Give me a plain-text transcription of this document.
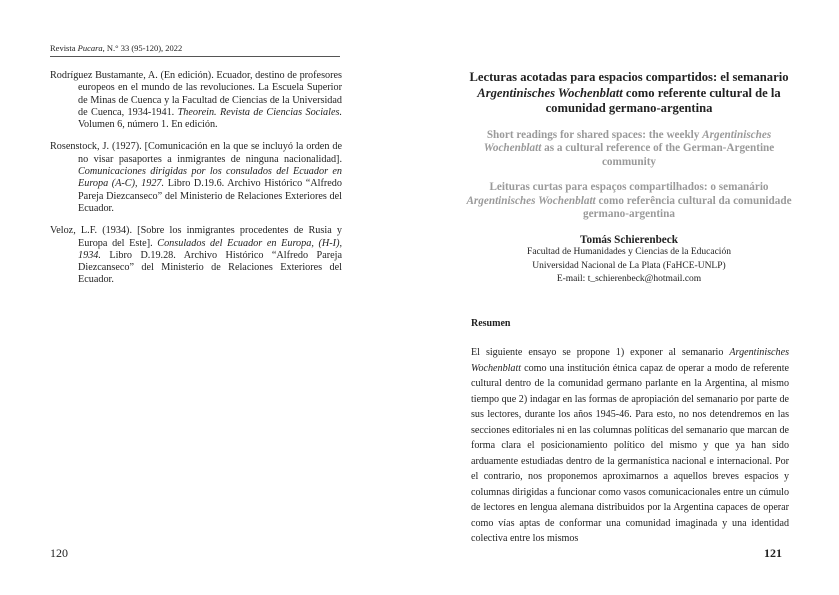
Revista Pucara, N.° 33 (95-120), 2022

Rodríguez Bustamante, A. (En edición). Ecuador, destino de profesores europeos en el mundo de las revoluciones. La Escuela Superior de Minas de Cuenca y la Facultad de Ciencias de la Universidad de Cuenca, 1934-1941. Theorein. Revista de Ciencias Sociales. Volumen 6, número 1. En edición.

Rosenstock, J. (1927). [Comunicación en la que se incluyó la orden de no visar pasaportes a inmigrantes de ninguna nacionalidad]. Comunicaciones dirigidas por los consulados del Ecuador en Europa (A-C), 1927. Libro D.19.6. Archivo Histórico “Alfredo Pareja Diezcanseco” del Ministerio de Relaciones Exteriores del Ecuador.

Veloz, L.F. (1934). [Sobre los inmigrantes procedentes de Rusia y Europa del Este]. Consulados del Ecuador en Europa, (H-I), 1934. Libro D.19.28. Archivo Histórico “Alfredo Pareja Diezcanseco” del Ministerio de Relaciones Exteriores del Ecuador.

120

Lecturas acotadas para espacios compartidos: el semanario Argentinisches Wochenblatt como referente cultural de la comunidad germano-argentina

Short readings for shared spaces: the weekly Argentinisches Wochenblatt as a cultural reference of the German-Argentine community

Leituras curtas para espaços compartilhados: o semanário Argentinisches Wochenblatt como referência cultural da comunidade germano-argentina

Tomás Schierenbeck
Facultad de Humanidades y Ciencias de la Educación
Universidad Nacional de La Plata (FaHCE-UNLP)
E-mail: t_schierenbeck@hotmail.com
Resumen

El siguiente ensayo se propone 1) exponer al semanario Argentinisches Wochenblatt como una institución étnica capaz de operar a modo de referente cultural dentro de la comunidad germano parlante en la Argentina, al mismo tiempo que 2) indagar en las formas de apropiación del semanario por parte de sus lectores, durante los años 1945-46. Para esto, no nos detendremos en las secciones editoriales ni en las columnas políticas del semanario que marcan de forma clara el posicionamiento político del mismo y que ya han sido arduamente estudiadas dentro de la germanística nacional e internacional. Por el contrario, nos proponemos aproximarnos a aquellos breves espacios y columnas dirigidas a funcionar como vasos comunicacionales entre un cúmulo de lectores en lengua alemana distribuidos por la Argentina capaces de operar como vías aptas de conformar una comunidad imaginada y una identidad colectiva entre los mismos

121
